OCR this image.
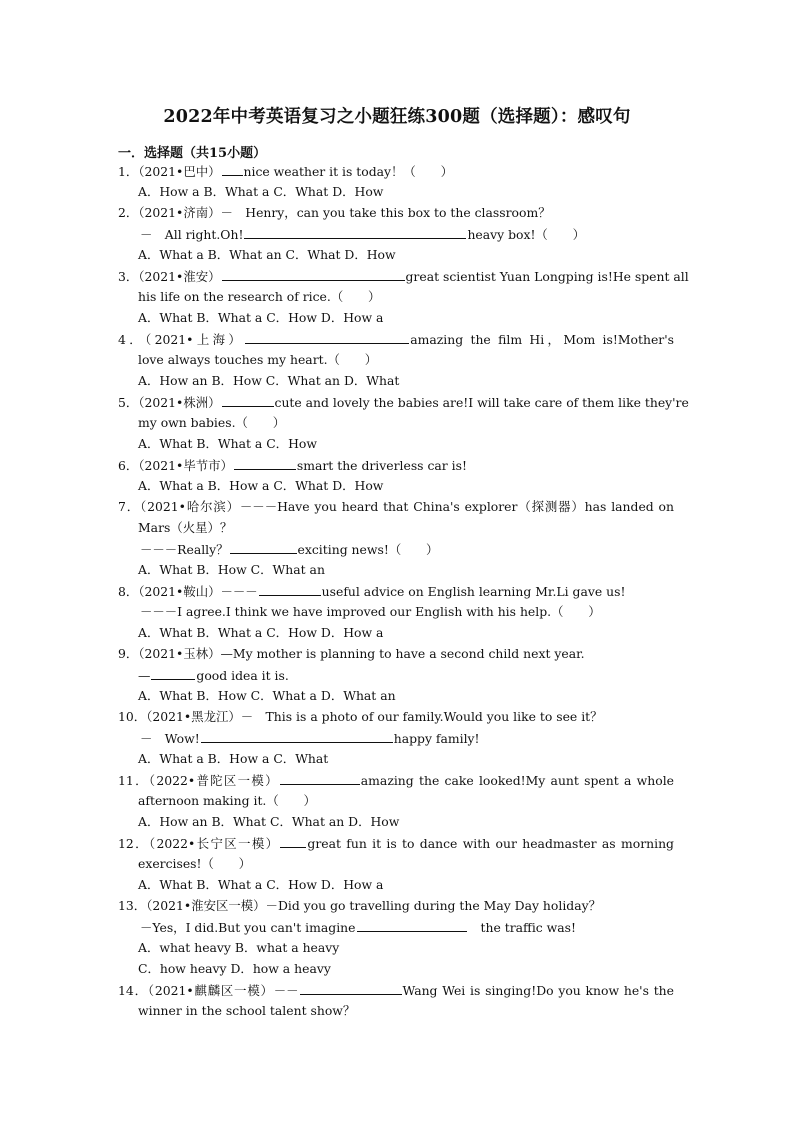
2022年中考英语复习之小题狂练300题（选择题）：感叹句
一．选择题（共15小题）
1．（2021•巴中） nice weather it is today！（　　）
A．How a B．What a C．What D．How
2．（2021•济南）－　Henry，can you take this box to the classroom？
－　All right.Oh!	heavy box!（　　）
A．What a B．What an C．What D．How
3．（2021•淮安）	great scientist Yuan Longping is!He spent all
his life on the research of rice.（　　）
A．What B．What a C．How D．How a
4．（2021•上海）	amazing the film Hi，Mom is!Mother's
love always touches my heart.（　　）
A．How an B．How C．What an D．What
5．（2021•株洲）	cute and lovely the babies are!I will take care of them like they're
my own babies.（　　）
A．What B．What a C．How
6．（2021•毕节市）	smart the driverless car is!
A．What a B．How a C．What D．How
7．（2021•哈尔滨）－－－Have you heard that China's explorer（探测器）has landed on
Mars（火星）？
－－－Really？	exciting news!（　　）
A．What B．How C．What an
8．（2021•鞍山）－－－	useful advice on English learning Mr.Li gave us!
－－－I agree.I think we have improved our English with his help.（　　）
A．What B．What a C．How D．How a
9．（2021•玉林）—My mother is planning to have a second child next year.
—	good idea it is.
A．What B．How C．What a D．What an
10．（2021•黑龙江）－　This is a photo of our family.Would you like to see it？
－　Wow!	happy family!
A．What a B．How a C．What
11．（2022•普陀区一模）	amazing the cake looked!My aunt spent a whole
afternoon making it.（　　）
A．How an B．What C．What an D．How
12．（2022•长宁区一模） great fun it is to dance with our headmaster as morning
exercises!（　　）
A．What B．What a C．How D．How a
13．（2021•淮安区一模）－Did you go travelling during the May Day holiday？
－Yes，I did.But you can't imagine	the traffic was!
A．what heavy B．what a heavy
C．how heavy D．how a heavy
14．（2021•麒麟区一模）－－	Wang Wei is singing!Do you know he's the
winner in the school talent show？
